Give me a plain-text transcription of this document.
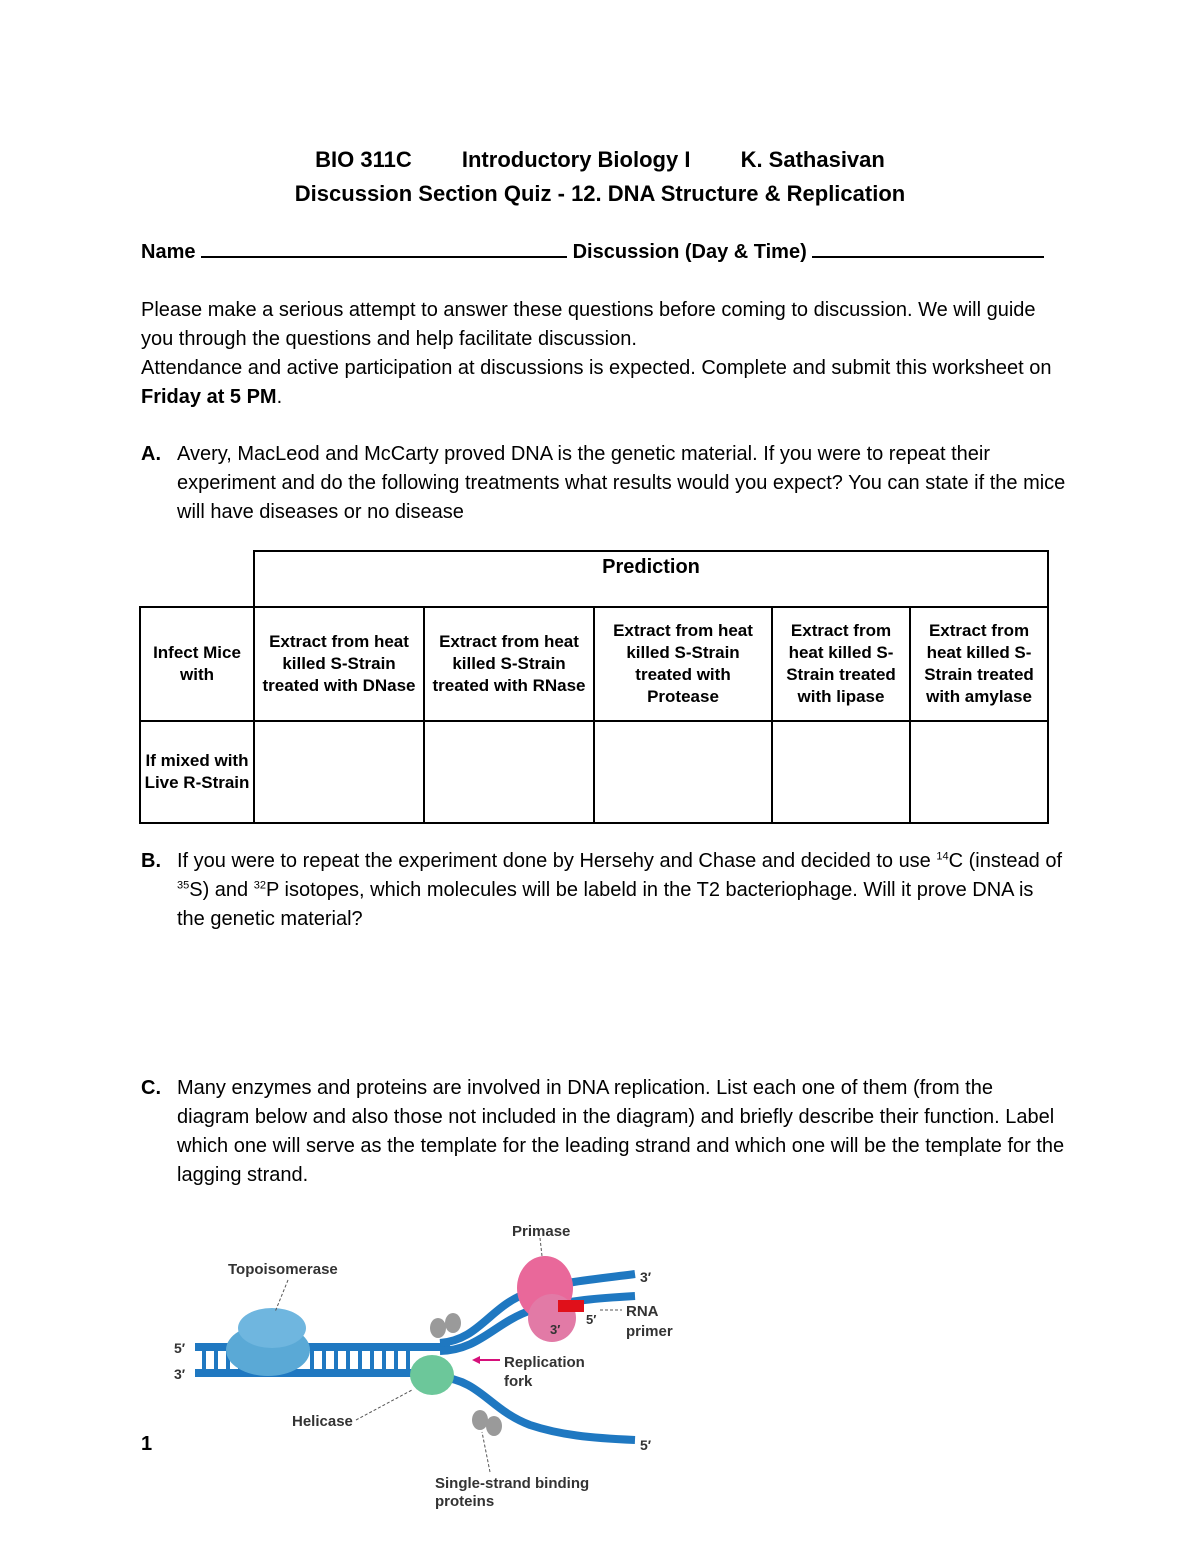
BIO 311C Introductory Biology I K. Sathasivan
Discussion Section Quiz - 12. DNA Structure & Replication
Name	Discussion (Day & Time)
Please make a serious attempt to answer these questions before coming to discussion. We will guide you through the questions and help facilitate discussion.
Attendance and active participation at discussions is expected. Complete and submit this worksheet on Friday at 5 PM.
A. Avery, MacLeod and McCarty proved DNA is the genetic material. If you were to repeat their experiment and do the following treatments what results would you expect? You can state if the mice will have diseases or no disease
	Prediction				
Infect Mice with	Extract from heat killed S-Strain treated with DNase	Extract from heat killed S-Strain treated with RNase	Extract from heat killed S-Strain treated with Protease	Extract from heat killed S-Strain treated with lipase	Extract from heat killed S-Strain treated with amylase
If mixed with Live R-Strain					
B. If you were to repeat the experiment done by Hersehy and Chase and decided to use $^{14}$C (instead of $^{35}$S) and $^{32}$P isotopes, which molecules will be labeld in the T2 bacteriophage. Will it prove DNA is the genetic material?
C. Many enzymes and proteins are involved in DNA replication. List each one of them (from the diagram below and also those not included in the diagram) and briefly describe their function. Label which one will serve as the template for the leading strand and which one will be the template for the lagging strand.
Primase
Topoisomerase
RNA
primer
Replication
fork
Helicase
Single-strand binding
proteins
5′
3′
3′
5′
3′
5′
1
